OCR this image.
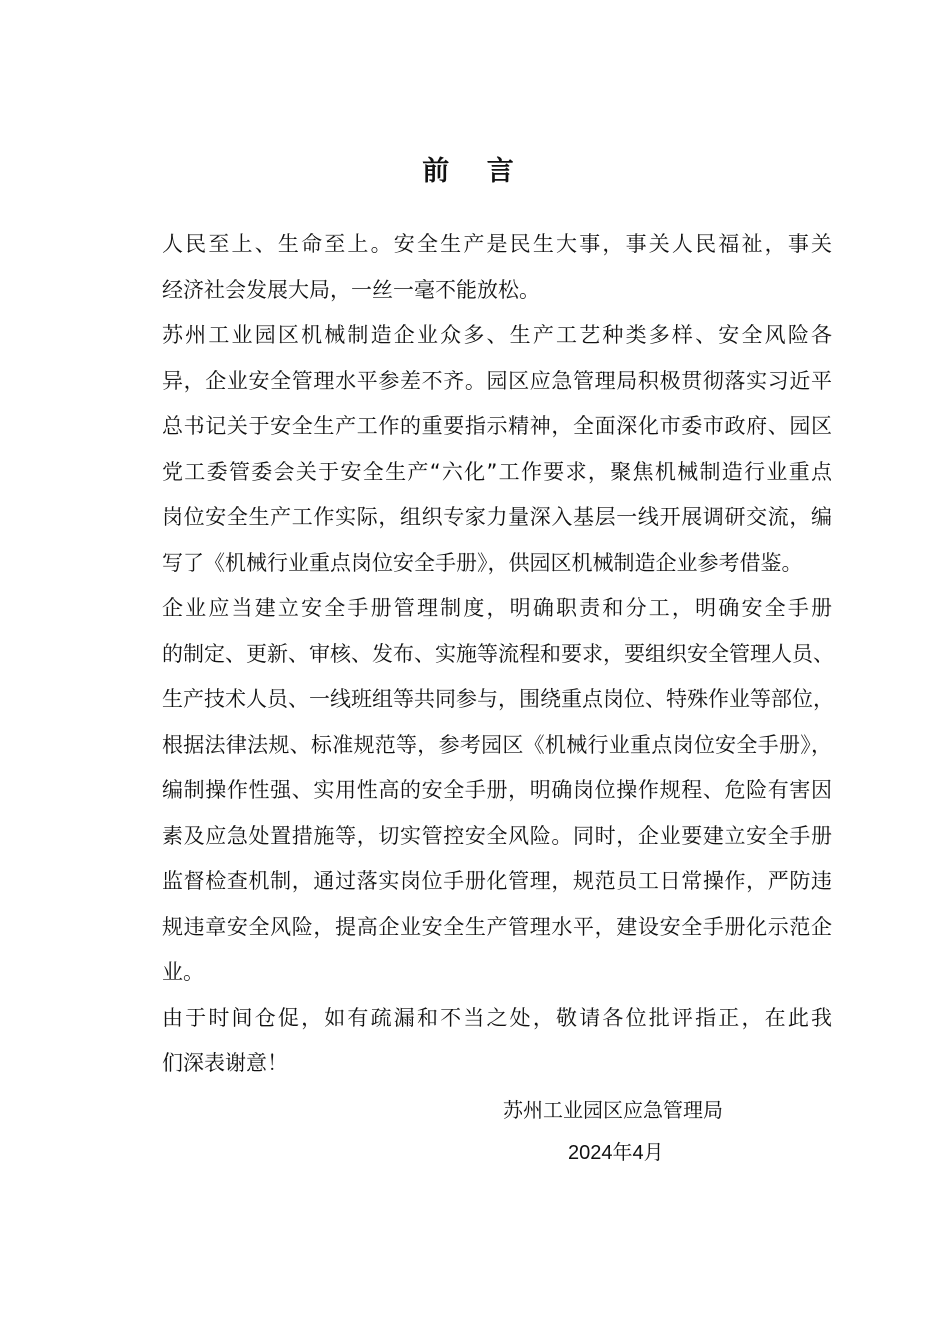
前 言

人民至上、生命至上。安全生产是民生大事，事关人民福祉，事关
经济社会发展大局，一丝一毫不能放松。

苏州工业园区机械制造企业众多、生产工艺种类多样、安全风险各
异，企业安全管理水平参差不齐。园区应急管理局积极贯彻落实习近平
总书记关于安全生产工作的重要指示精神，全面深化市委市政府、园区
党工委管委会关于安全生产“六化”工作要求，聚焦机械制造行业重点
岗位安全生产工作实际，组织专家力量深入基层一线开展调研交流，编
写了《机械行业重点岗位安全手册》，供园区机械制造企业参考借鉴。

企业应当建立安全手册管理制度，明确职责和分工，明确安全手册
的制定、更新、审核、发布、实施等流程和要求，要组织安全管理人员、
生产技术人员、一线班组等共同参与，围绕重点岗位、特殊作业等部位，
根据法律法规、标准规范等，参考园区《机械行业重点岗位安全手册》，
编制操作性强、实用性高的安全手册，明确岗位操作规程、危险有害因
素及应急处置措施等，切实管控安全风险。同时，企业要建立安全手册
监督检查机制，通过落实岗位手册化管理，规范员工日常操作，严防违
规违章安全风险，提高企业安全生产管理水平，建设安全手册化示范企
业。

由于时间仓促，如有疏漏和不当之处，敬请各位批评指正，在此我
们深表谢意！

苏州工业园区应急管理局
2024年4月
